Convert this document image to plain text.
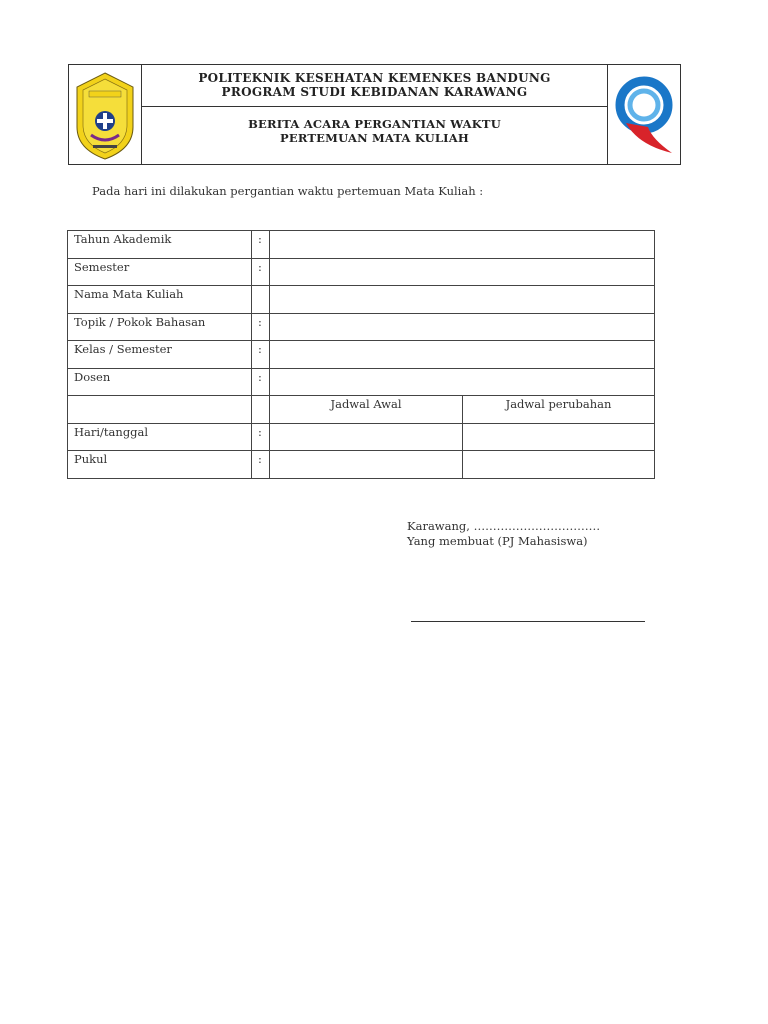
POLITEKNIK KESEHATAN KEMENKES BANDUNG
PROGRAM STUDI KEBIDANAN KARAWANG
BERITA ACARA PERGANTIAN WAKTU
PERTEMUAN MATA KULIAH
Pada hari ini dilakukan pergantian waktu pertemuan Mata Kuliah :
Tahun Akademik	:		
Semester	:		
Nama Mata Kuliah			
Topik / Pokok Bahasan	:		
Kelas / Semester	:		
Dosen	:		
		Jadwal Awal	Jadwal perubahan
Hari/tanggal	:		
Pukul	:		
Karawang, ……………………………
Yang membuat (PJ Mahasiswa)
